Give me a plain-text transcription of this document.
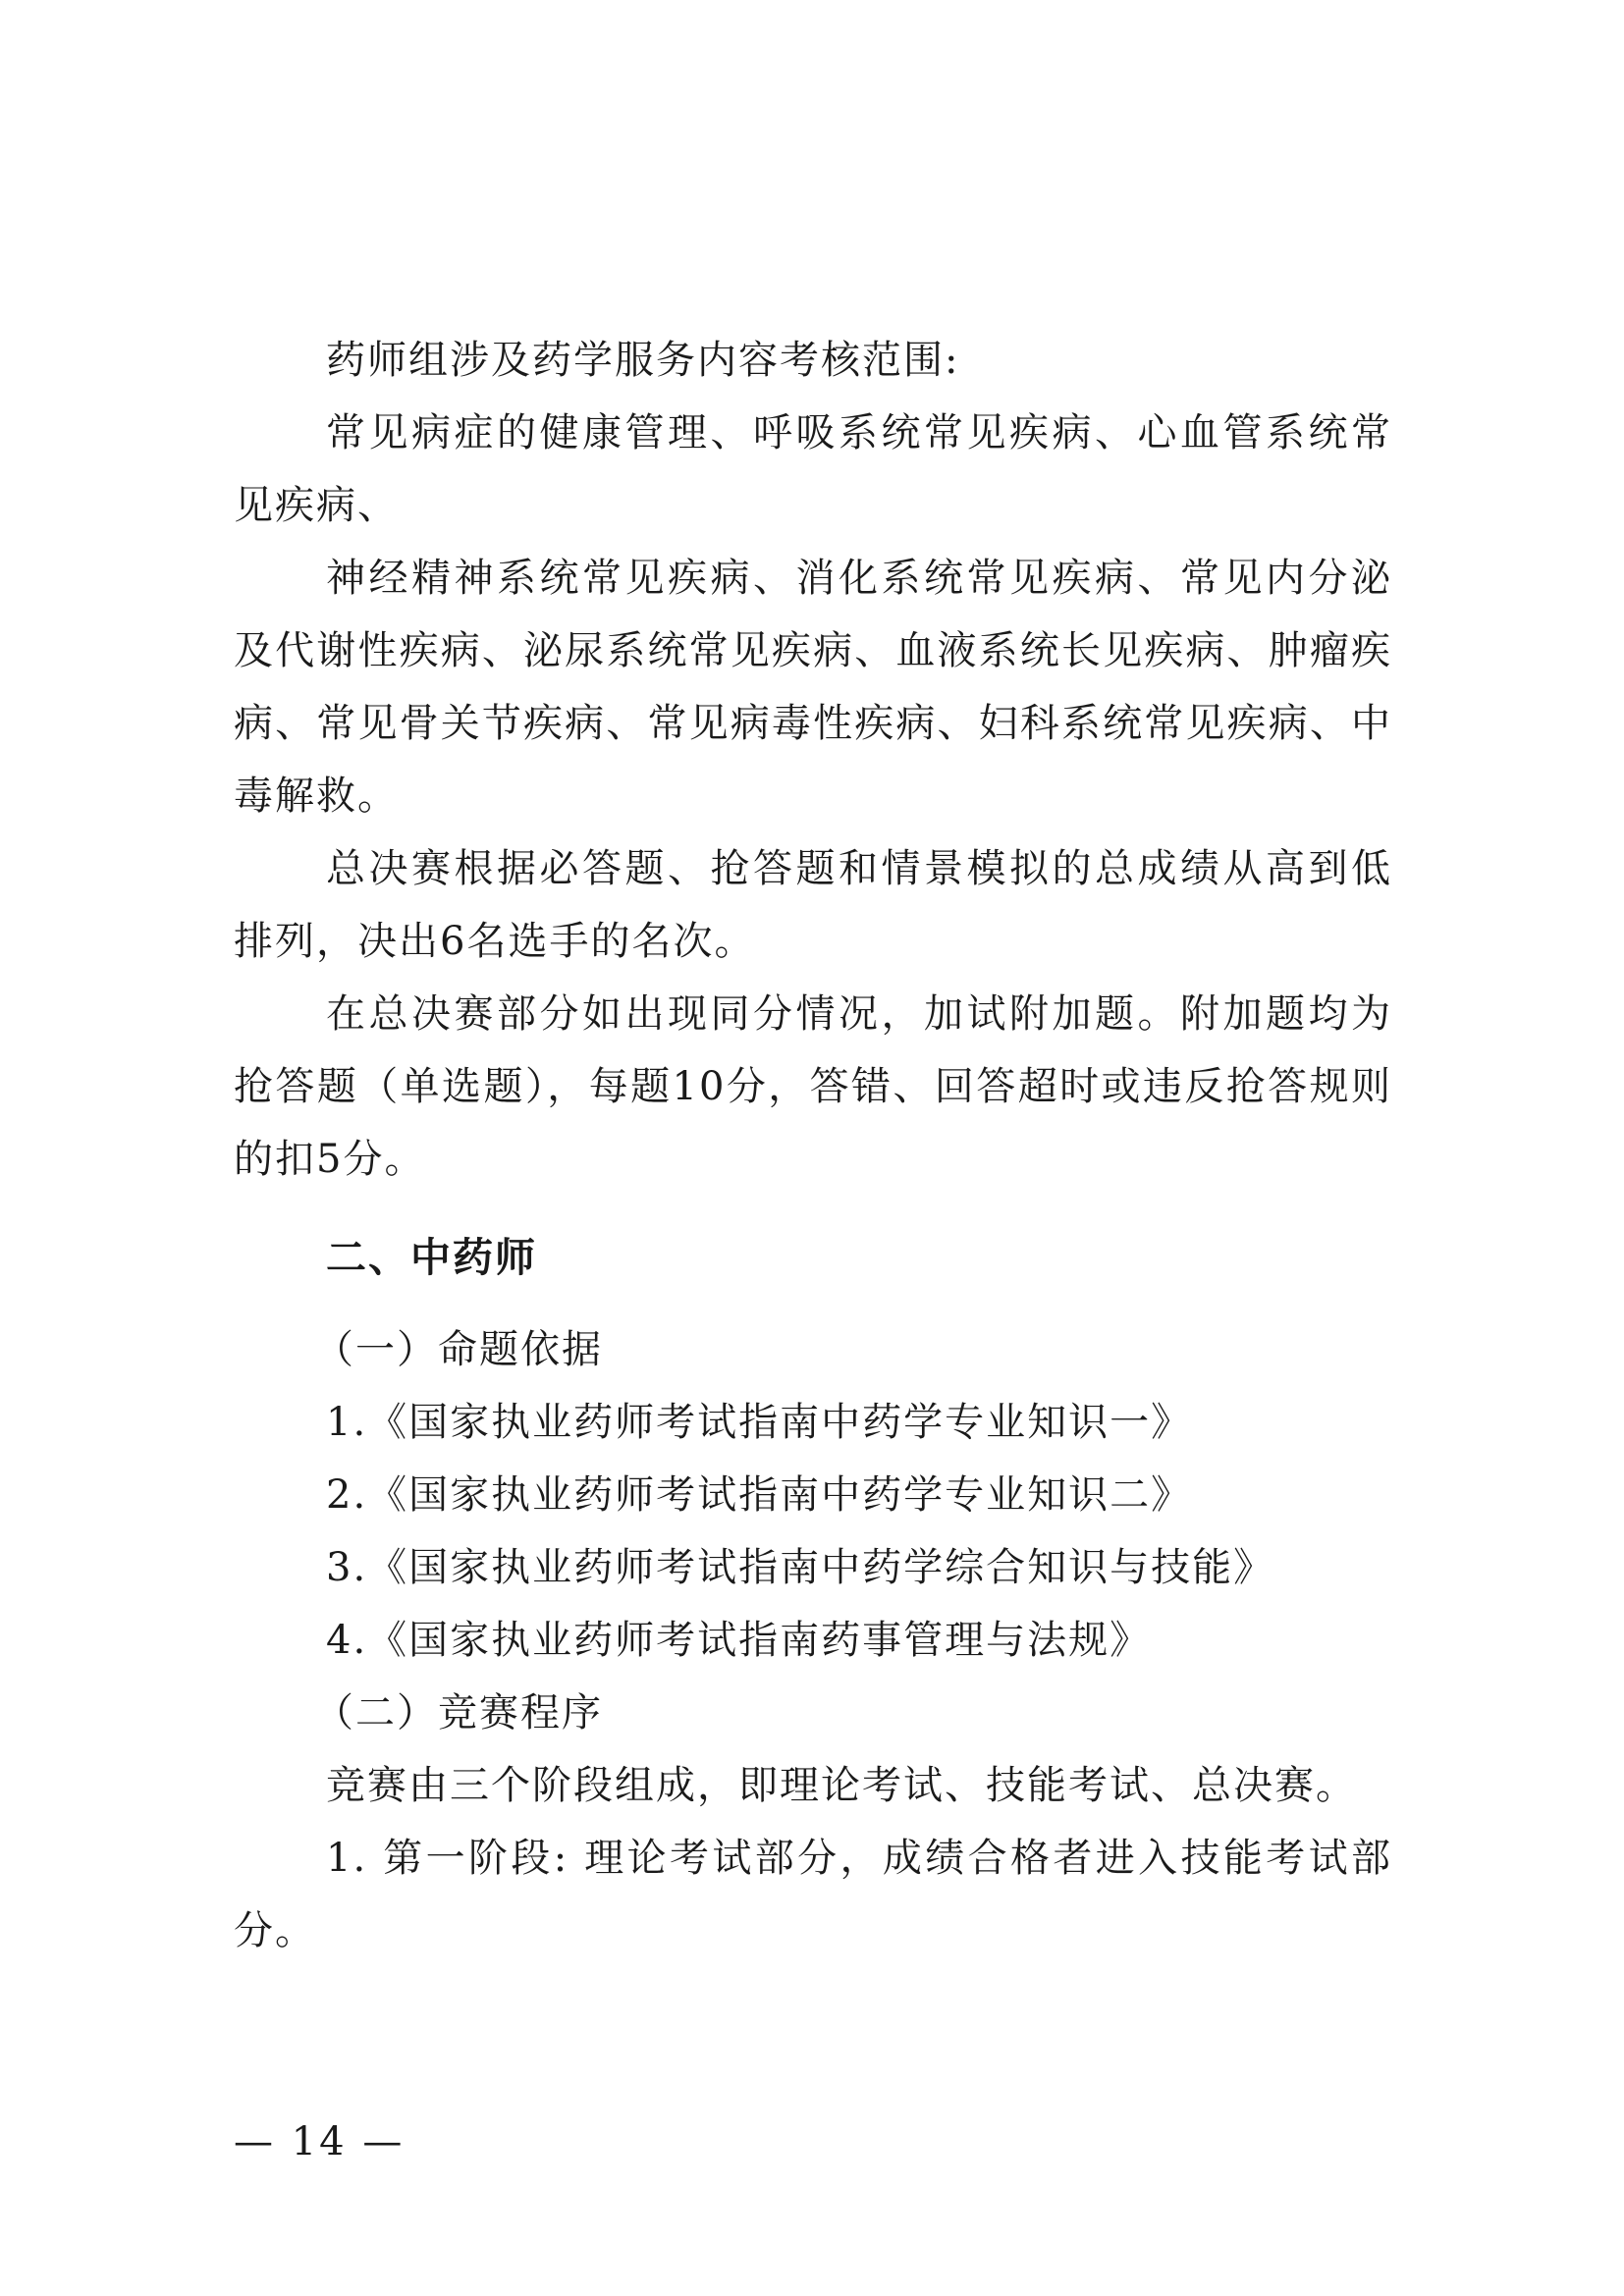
药师组涉及药学服务内容考核范围:

常见病症的健康管理、呼吸系统常见疾病、心血管系统常见疾病、

神经精神系统常见疾病、消化系统常见疾病、常见内分泌及代谢性疾病、泌尿系统常见疾病、血液系统长见疾病、肿瘤疾病、常见骨关节疾病、常见病毒性疾病、妇科系统常见疾病、中毒解救。

总决赛根据必答题、抢答题和情景模拟的总成绩从高到低排列，决出6名选手的名次。

在总决赛部分如出现同分情况，加试附加题。附加题均为抢答题（单选题），每题10分，答错、回答超时或违反抢答规则的扣5分。

二、中药师

（一）命题依据

1.《国家执业药师考试指南中药学专业知识一》

2.《国家执业药师考试指南中药学专业知识二》

3.《国家执业药师考试指南中药学综合知识与技能》

4.《国家执业药师考试指南药事管理与法规》

（二）竞赛程序

竞赛由三个阶段组成，即理论考试、技能考试、总决赛。

1. 第一阶段: 理论考试部分，成绩合格者进入技能考试部分。

— 14 —
